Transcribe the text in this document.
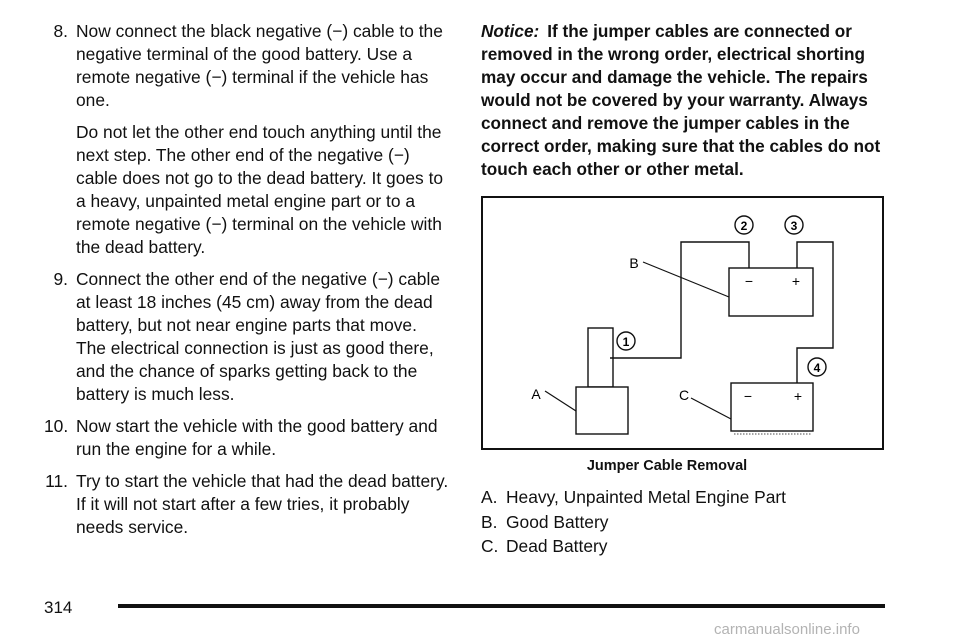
8. Now connect the black negative (−) cable to the negative terminal of the good battery. Use a remote negative (−) terminal if the vehicle has one.

Do not let the other end touch anything until the next step. The other end of the negative (−) cable does not go to the dead battery. It goes to a heavy, unpainted metal engine part or to a remote negative (−) terminal on the vehicle with the dead battery.

9. Connect the other end of the negative (−) cable at least 18 inches (45 cm) away from the dead battery, but not near engine parts that move. The electrical connection is just as good there, and the chance of sparks getting back to the battery is much less.

10. Now start the vehicle with the good battery and run the engine for a while.

11. Try to start the vehicle that had the dead battery. If it will not start after a few tries, it probably needs service.

Notice: If the jumper cables are connected or removed in the wrong order, electrical shorting may occur and damage the vehicle. The repairs would not be covered by your warranty. Always connect and remove the jumper cables in the correct order, making sure that the cables do not touch each other or other metal.

−	+
−	+
A
B
C
1
2	3
4
Jumper Cable Removal
A. Heavy, Unpainted Metal Engine Part
B. Good Battery
C. Dead Battery
314
carmanualsonline.info
